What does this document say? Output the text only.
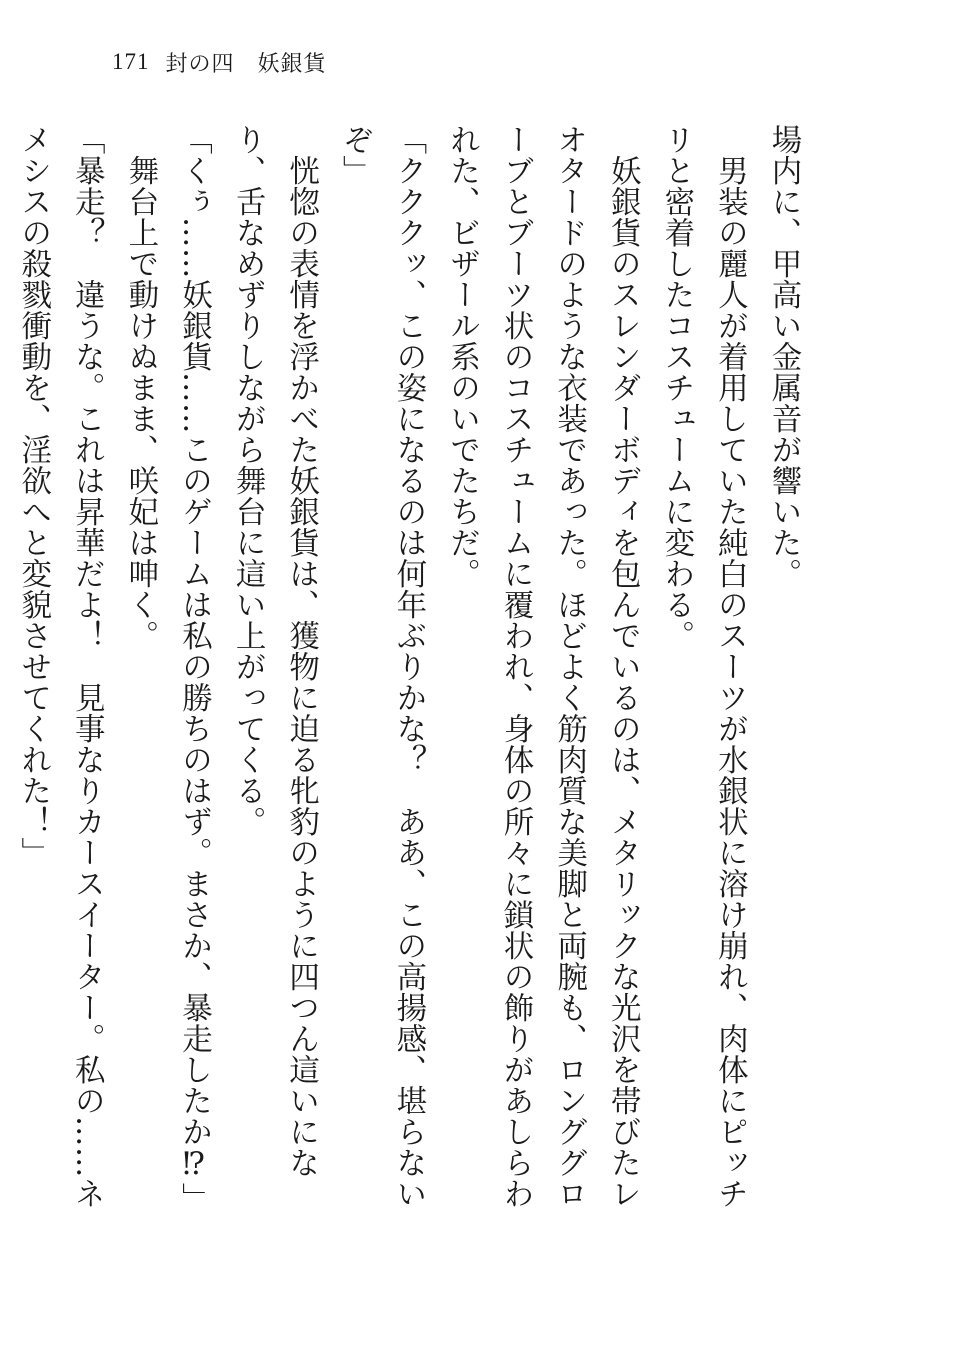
171 封の四　妖銀貨

場内に、甲高い金属音が響いた。

男装の麗人が着用していた純白のスーツが水銀状に溶け崩れ、肉体にピッチリと密着したコスチュームに変わる。

妖銀貨のスレンダーボディを包んでいるのは、メタリックな光沢を帯びたレオタードのような衣装であった。ほどよく筋肉質な美脚と両腕も、ロンググローブとブーツ状のコスチュームに覆われ、身体の所々に鎖状の飾りがあしらわれた、ビザール系のいでたちだ。

「クククッ、この姿になるのは何年ぶりかな？　ああ、この高揚感、堪らないぞ」

恍惚の表情を浮かべた妖銀貨は、獲物に迫る牝豹のように四つん這いになり、舌なめずりしながら舞台に這い上がってくる。

「くぅ……妖銀貨……このゲームは私の勝ちのはず。まさか、暴走したか⁉」

舞台上で動けぬまま、咲妃は呻く。

「暴走？　違うな。これは昇華だよ！　見事なりカースイーター。私の……ネメシスの殺戮衝動を、淫欲へと変貌させてくれた！」
